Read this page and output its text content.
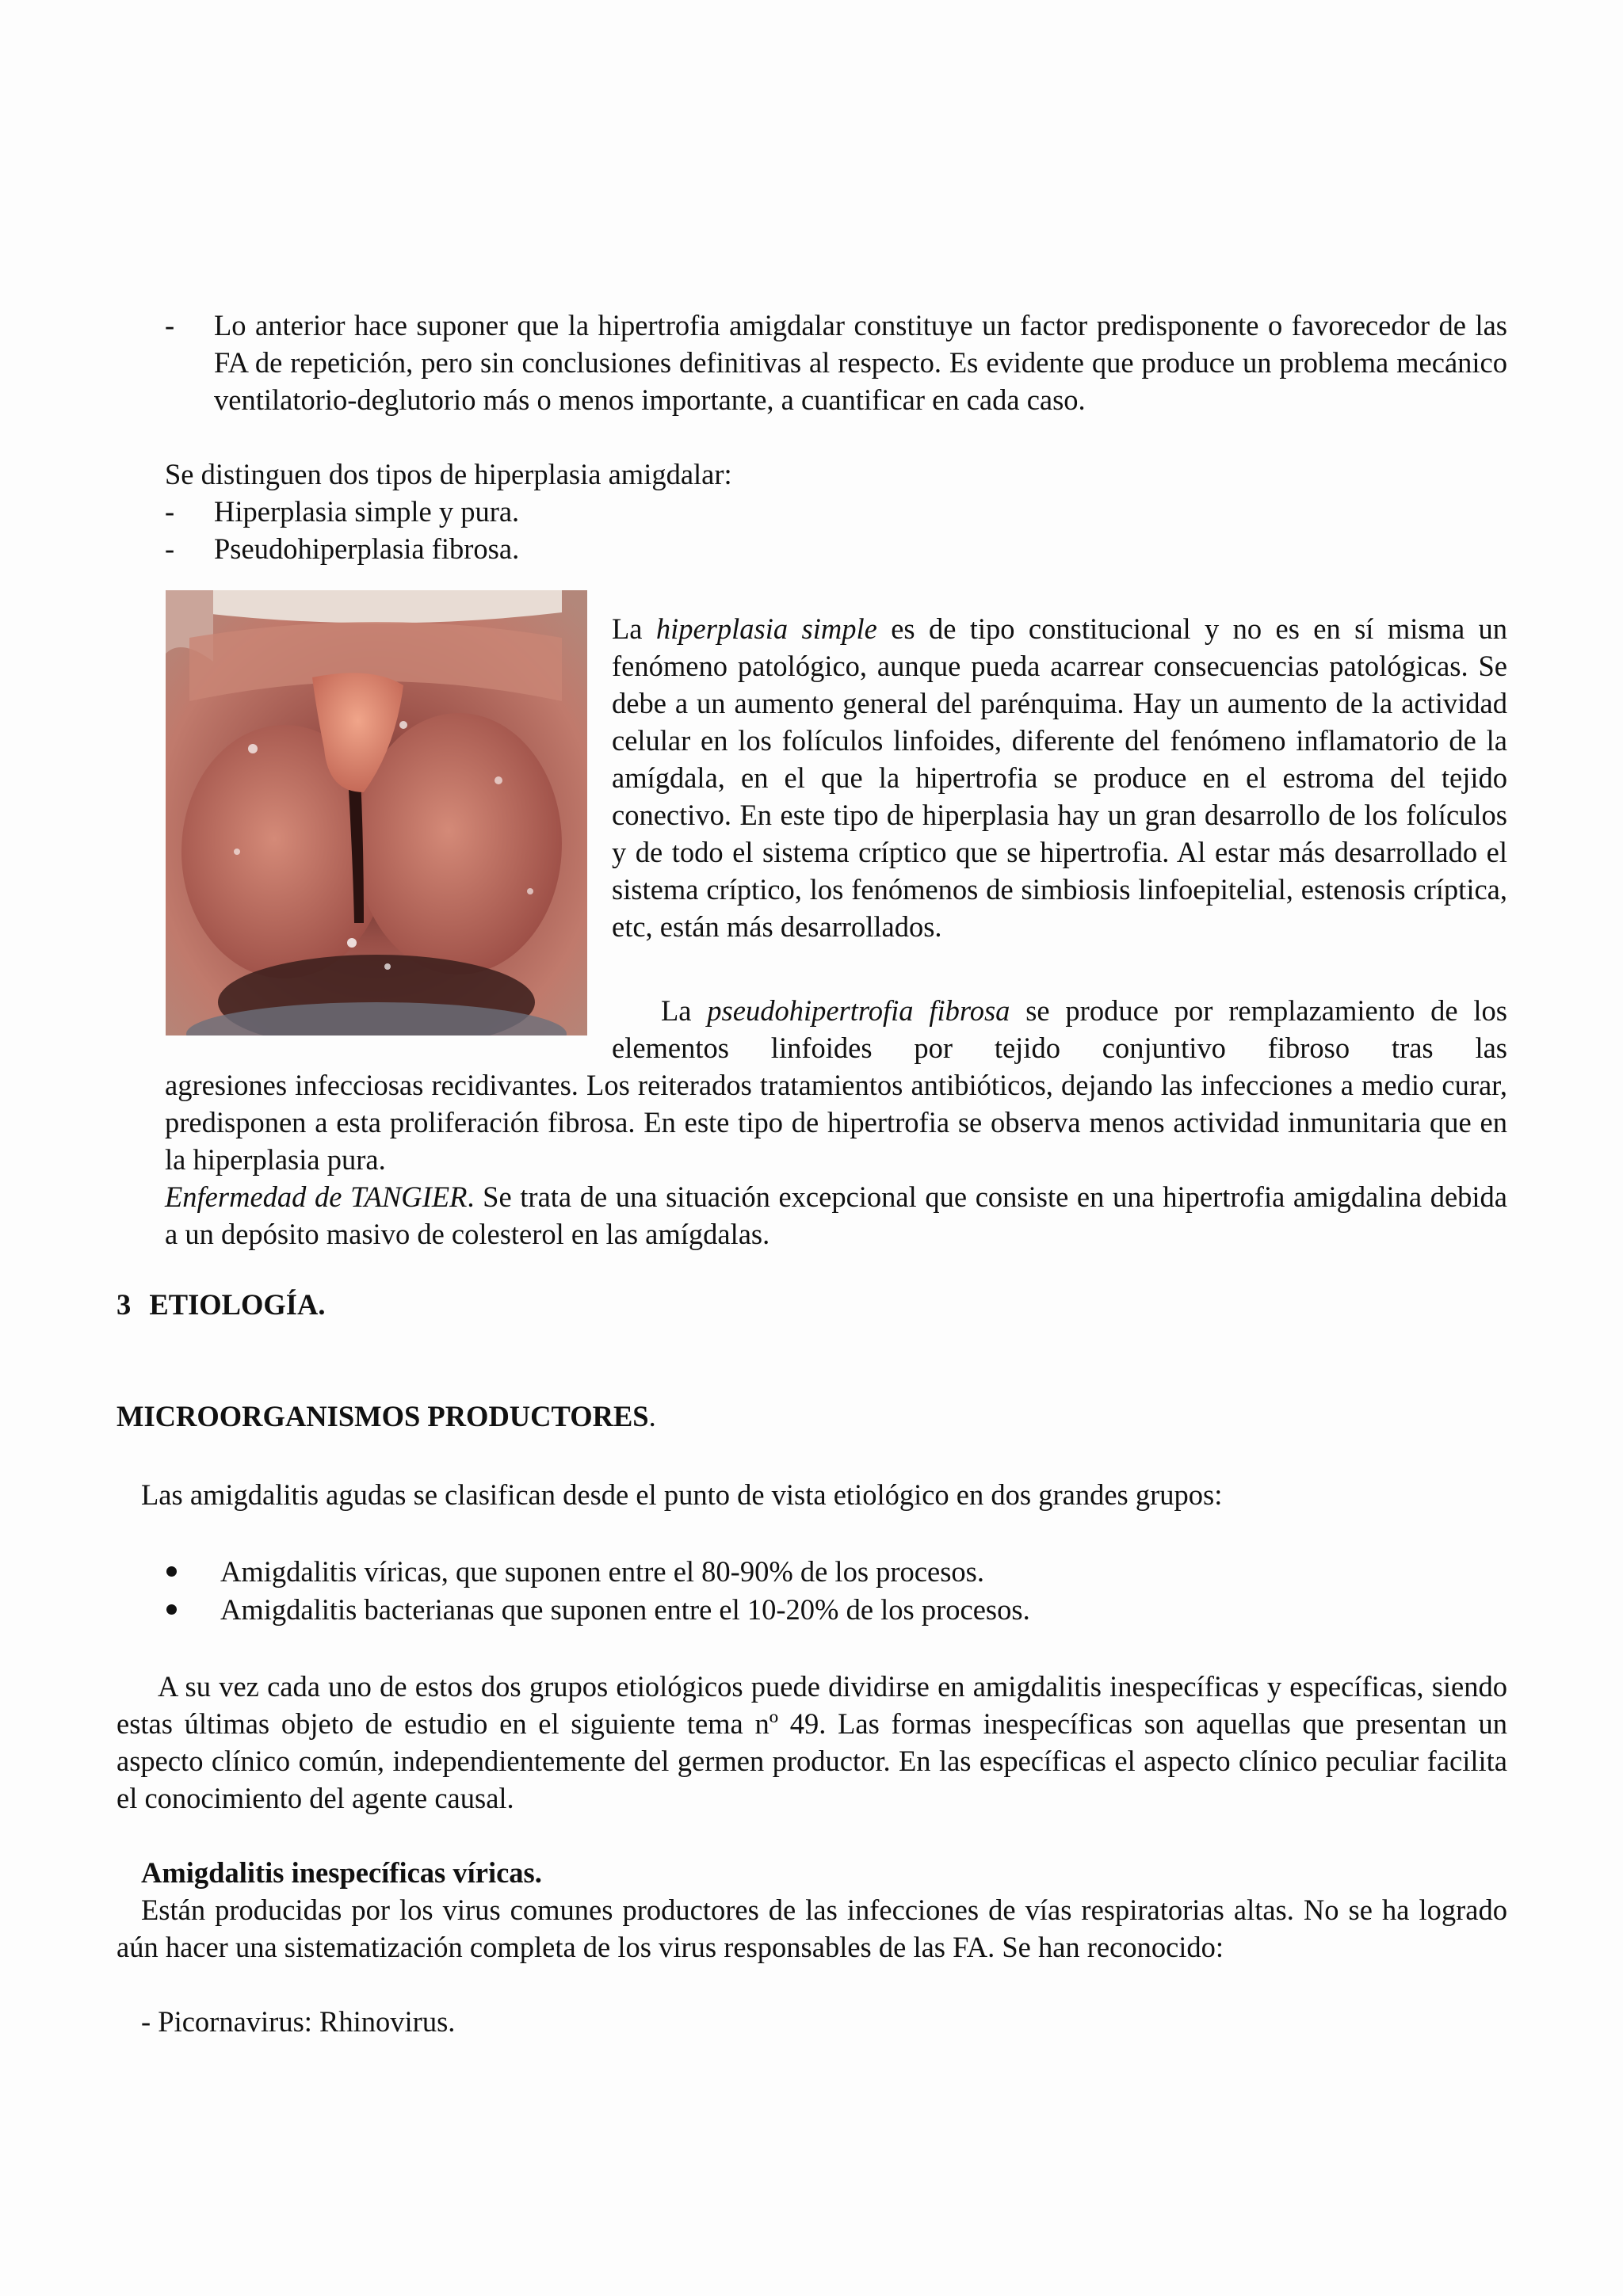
- Lo anterior hace suponer que la hipertrofia amigdalar constituye un factor predisponente o favorecedor de las FA de repetición, pero sin conclusiones definitivas al respecto. Es evidente que produce un problema mecánico ventilatorio-deglutorio más o menos importante, a cuantificar en cada caso.

Se distinguen dos tipos de hiperplasia amigdalar:

- Hiperplasia simple y pura.
- Pseudohiperplasia fibrosa.

La hiperplasia simple es de tipo constitucional y no es en sí misma un fenómeno patológico, aunque pueda acarrear consecuencias patológicas. Se debe a un aumento general del parénquima. Hay un aumento de la actividad celular en los folículos linfoides, diferente del fenómeno inflamatorio de la amígdala, en el que la hipertrofia se produce en el estroma del tejido conectivo. En este tipo de hiperplasia hay un gran desarrollo de los folículos y de todo el sistema críptico que se hipertrofia. Al estar más desarrollado el sistema críptico, los fenómenos de simbiosis linfoepitelial, estenosis críptica, etc, están más desarrollados.

La pseudohipertrofia fibrosa se produce por remplazamiento de los elementos linfoides por tejido conjuntivo fibroso tras las

agresiones infecciosas recidivantes. Los reiterados tratamientos antibióticos, dejando las infecciones a medio curar, predisponen a esta proliferación fibrosa. En este tipo de hipertrofia se observa menos actividad inmunitaria que en la hiperplasia pura.

Enfermedad de TANGIER. Se trata de una situación excepcional que consiste en una hipertrofia amigdalina debida a un depósito masivo de colesterol en las amígdalas.

3 ETIOLOGÍA.
MICROORGANISMOS PRODUCTORES.

Las amigdalitis agudas se clasifican desde el punto de vista etiológico en dos grandes grupos:

Amigdalitis víricas, que suponen entre el 80-90% de los procesos.
Amigdalitis bacterianas que suponen entre el 10-20% de los procesos.

A su vez cada uno de estos dos grupos etiológicos puede dividirse en amigdalitis inespecíficas y específicas, siendo estas últimas objeto de estudio en el siguiente tema nº 49. Las formas inespecíficas son aquellas que presentan un aspecto clínico común, independientemente del germen productor. En las específicas el aspecto clínico peculiar facilita el conocimiento del agente causal.

Amigdalitis inespecíficas víricas.

Están producidas por los virus comunes productores de las infecciones de vías respiratorias altas. No se ha logrado aún hacer una sistematización completa de los virus responsables de las FA. Se han reconocido:

- Picornavirus: Rhinovirus.
